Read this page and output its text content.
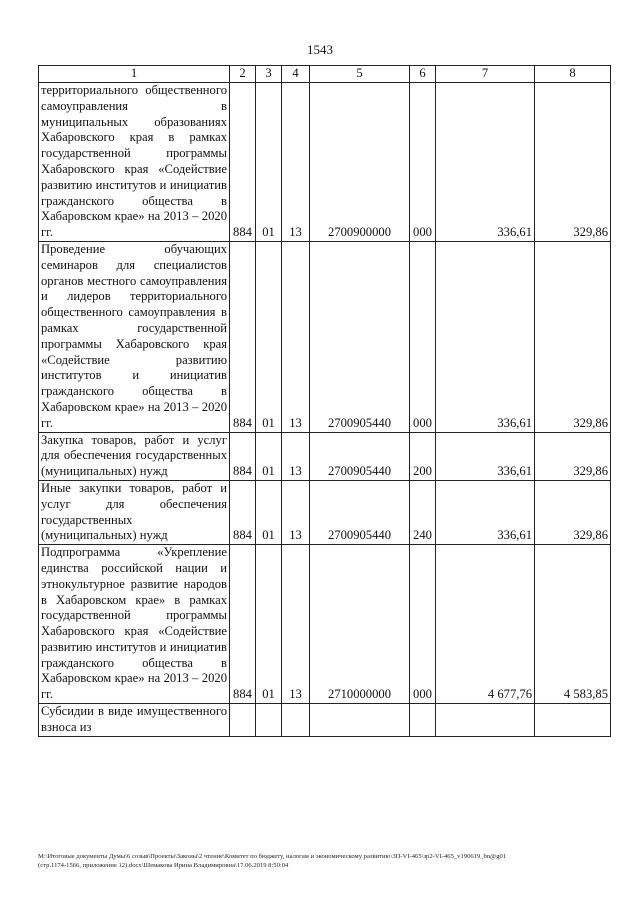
1543
1	2	3	4	5	6	7	8
территориального общественного самоуправления в муниципальных образованиях Хабаровского края в рамках государственной программы Хабаровского края «Содействие развитию институтов и инициатив гражданского общества в Хабаровском крае» на 2013 – 2020 гг.	884	01	13	2700900000	000	336,61	329,86
Проведение обучающих семинаров для специалистов органов местного самоуправления и лидеров территориального общественного самоуправления в рамках государственной программы Хабаровского края «Содействие развитию институтов и инициатив гражданского общества в Хабаровском крае» на 2013 – 2020 гг.	884	01	13	2700905440	000	336,61	329,86
Закупка товаров, работ и услуг для обеспечения государственных (муниципальных) нужд	884	01	13	2700905440	200	336,61	329,86
Иные закупки товаров, работ и услуг для обеспечения государственных (муниципальных) нужд	884	01	13	2700905440	240	336,61	329,86
Подпрограмма «Укрепление единства российской нации и этнокультурное развитие народов в Хабаровском крае» в рамках государственной программы Хабаровского края «Содействие развитию институтов и инициатив гражданского общества в Хабаровском крае» на 2013 – 2020 гг.	884	01	13	2710000000	000	4 677,76	4 583,85
Субсидии в виде имущественного взноса из							
М:\Итоговые документы Думы\6 созыв\Проекты\Законы\2 чтение\Комитет по бюджету, налогам и экономическому развитию\3П-VI-465\зр2-VI-465_v190619_bn@g01
(стр.1174-1566, приложение 12).docx\Шемакова Ирина Владимировна\17.06.2019 8:50:04
